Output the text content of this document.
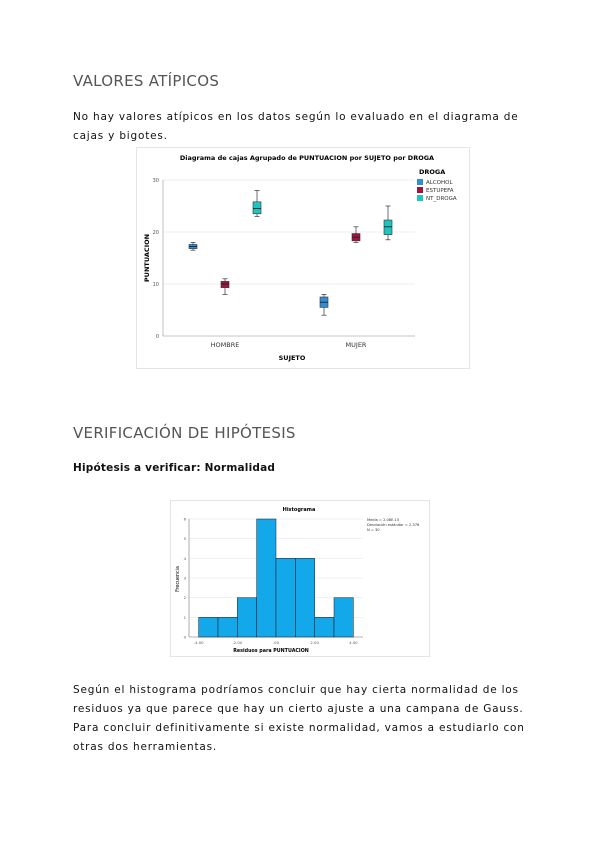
VALORES ATÍPICOS
No hay valores atípicos en los datos según lo evaluado en el diagrama de cajas y bigotes.
Diagrama de cajas Agrupado de PUNTUACION por SUJETO por DROGA
0
10
20
30
HOMBRE	MUJER
SUJETO
PUNTUACION
DROGA
ALCOHOL
ESTUPEFA
NT_DROGA
VERIFICACIÓN DE HIPÓTESIS
Hipótesis a verificar: Normalidad
Histograma
Media = 2.08E-15
Desviación estándar = 2.376
N = 30
0
1
2
3
4
5
6
-4.00	-2.00	.00	2.00	4.00
Residuos para PUNTUACION
Frecuencia
Según el histograma podríamos concluir que hay cierta normalidad de los residuos ya que parece que hay un cierto ajuste a una campana de Gauss. Para concluir definitivamente si existe normalidad, vamos a estudiarlo con otras dos herramientas.
